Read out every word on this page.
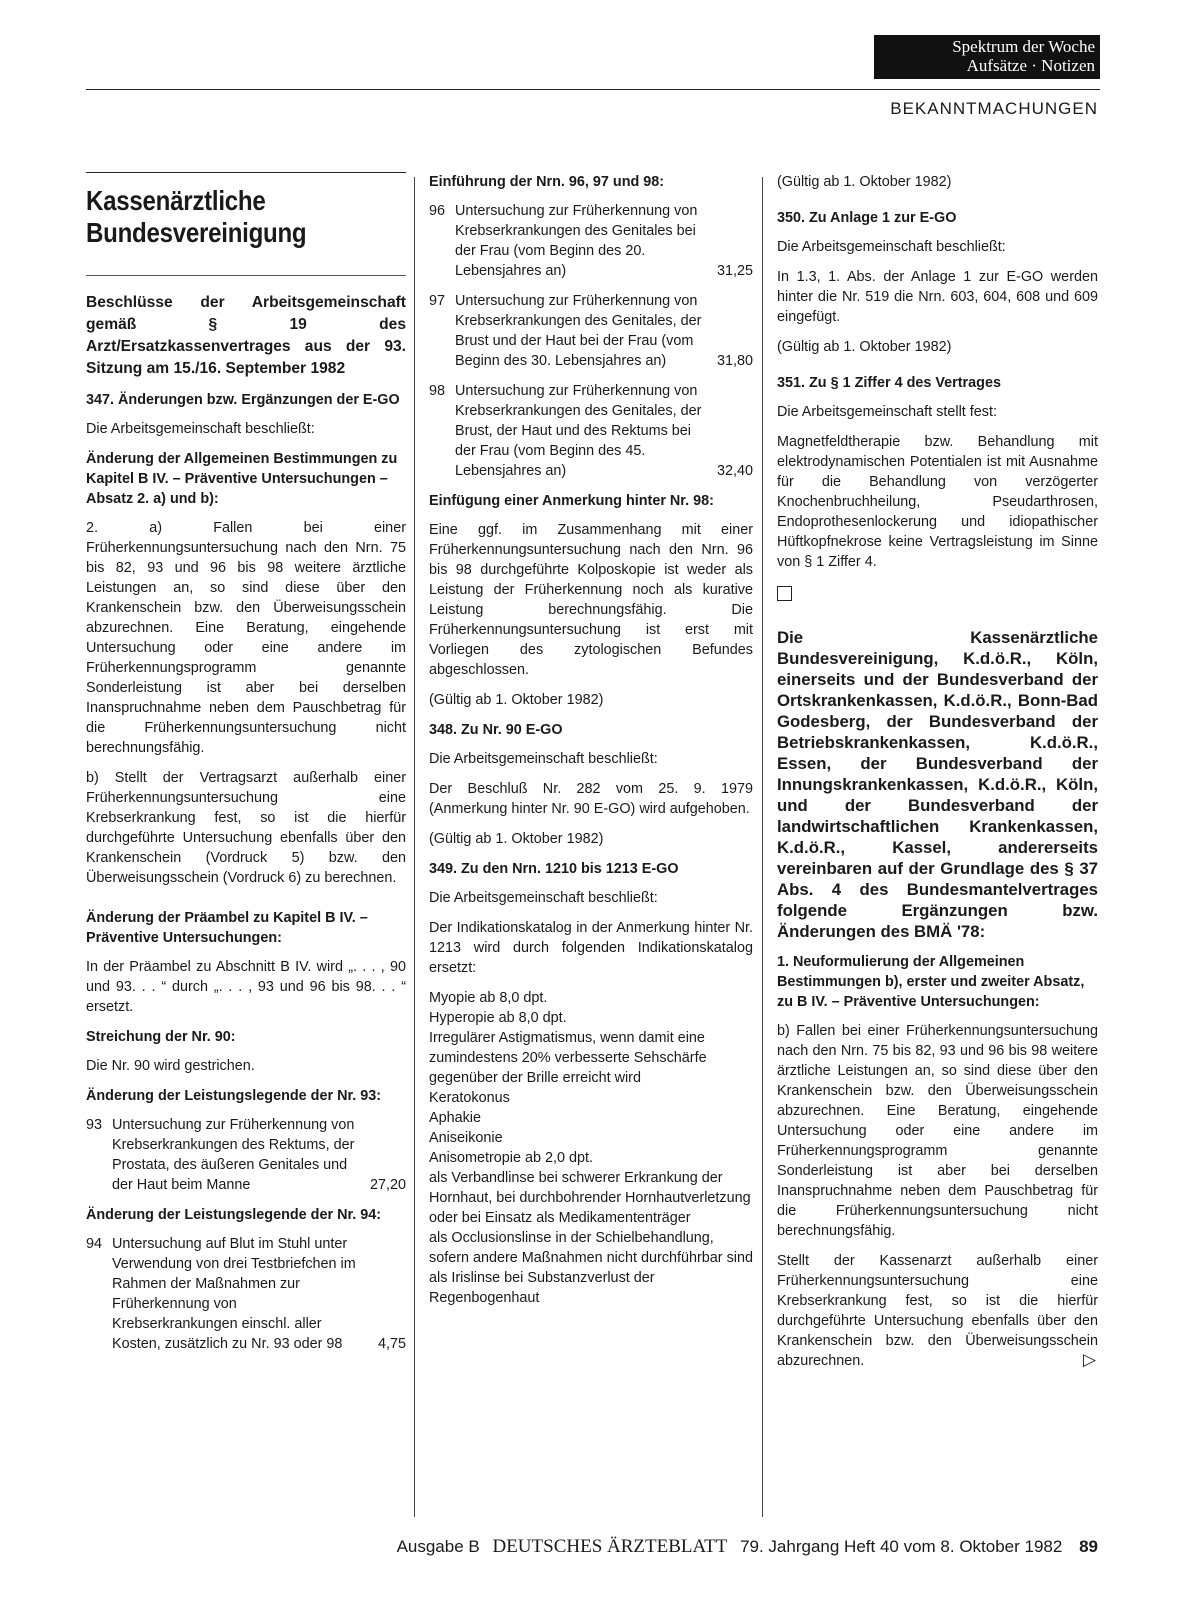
Spektrum der Woche
Aufsätze · Notizen
BEKANNTMACHUNGEN
Kassenärztliche Bundesvereinigung

Beschlüsse der Arbeitsgemeinschaft gemäß § 19 des Arzt/Ersatzkassenvertrages aus der 93. Sitzung am 15./16. September 1982

347. Änderungen bzw. Ergänzungen der E-GO

Die Arbeitsgemeinschaft beschließt:

Änderung der Allgemeinen Bestimmungen zu Kapitel B IV. – Präventive Untersuchungen – Absatz 2. a) und b):

2. a) Fallen bei einer Früherkennungsuntersuchung nach den Nrn. 75 bis 82, 93 und 96 bis 98 weitere ärztliche Leistungen an, so sind diese über den Krankenschein bzw. den Überweisungsschein abzurechnen. Eine Beratung, eingehende Untersuchung oder eine andere im Früherkennungsprogramm genannte Sonderleistung ist aber bei derselben Inanspruchnahme neben dem Pauschbetrag für die Früherkennungsuntersuchung nicht berechnungsfähig.

b) Stellt der Vertragsarzt außerhalb einer Früherkennungsuntersuchung eine Krebserkrankung fest, so ist die hierfür durchgeführte Untersuchung ebenfalls über den Krankenschein (Vordruck 5) bzw. den Überweisungsschein (Vordruck 6) zu berechnen.

Änderung der Präambel zu Kapitel B IV. – Präventive Untersuchungen:

In der Präambel zu Abschnitt B IV. wird „. . . , 90 und 93. . . “ durch „. . . , 93 und 96 bis 98. . . “ ersetzt.

Streichung der Nr. 90:

Die Nr. 90 wird gestrichen.

Änderung der Leistungslegende der Nr. 93:

93 Untersuchung zur Früherkennung von Krebserkrankungen des Rektums, der Prostata, des äußeren Genitales und der Haut beim Manne	27,20

Änderung der Leistungslegende der Nr. 94:

94 Untersuchung auf Blut im Stuhl unter Verwendung von drei Testbriefchen im Rahmen der Maßnahmen zur Früherkennung von Krebserkrankungen einschl. aller Kosten, zusätzlich zu Nr. 93 oder 98	4,75

Einführung der Nrn. 96, 97 und 98:

96 Untersuchung zur Früherkennung von Krebserkrankungen des Genitales bei der Frau (vom Beginn des 20. Lebensjahres an)	31,25
97 Untersuchung zur Früherkennung von Krebserkrankungen des Genitales, der Brust und der Haut bei der Frau (vom Beginn des 30. Lebensjahres an)	31,80
98 Untersuchung zur Früherkennung von Krebserkrankungen des Genitales, der Brust, der Haut und des Rektums bei der Frau (vom Beginn des 45. Lebensjahres an)	32,40

Einfügung einer Anmerkung hinter Nr. 98:

Eine ggf. im Zusammenhang mit einer Früherkennungsuntersuchung nach den Nrn. 96 bis 98 durchgeführte Kolposkopie ist weder als Leistung der Früherkennung noch als kurative Leistung berechnungsfähig. Die Früherkennungsuntersuchung ist erst mit Vorliegen des zytologischen Befundes abgeschlossen.

(Gültig ab 1. Oktober 1982)

348. Zu Nr. 90 E-GO

Die Arbeitsgemeinschaft beschließt:

Der Beschluß Nr. 282 vom 25. 9. 1979 (Anmerkung hinter Nr. 90 E-GO) wird aufgehoben.

(Gültig ab 1. Oktober 1982)

349. Zu den Nrn. 1210 bis 1213 E-GO

Die Arbeitsgemeinschaft beschließt:

Der Indikationskatalog in der Anmerkung hinter Nr. 1213 wird durch folgenden Indikationskatalog ersetzt:

Myopie ab 8,0 dpt.
Hyperopie ab 8,0 dpt.
Irregulärer Astigmatismus, wenn damit eine zumindestens 20% verbesserte Sehschärfe gegenüber der Brille erreicht wird
Keratokonus
Aphakie
Aniseikonie
Anisometropie ab 2,0 dpt.
als Verbandlinse bei schwerer Erkrankung der Hornhaut, bei durchbohrender Hornhautverletzung oder bei Einsatz als Medikamententräger
als Occlusionslinse in der Schielbehandlung, sofern andere Maßnahmen nicht durchführbar sind
als Irislinse bei Substanzverlust der Regenbogenhaut

(Gültig ab 1. Oktober 1982)

350. Zu Anlage 1 zur E-GO

Die Arbeitsgemeinschaft beschließt:

In 1.3, 1. Abs. der Anlage 1 zur E-GO werden hinter die Nr. 519 die Nrn. 603, 604, 608 und 609 eingefügt.

(Gültig ab 1. Oktober 1982)

351. Zu § 1 Ziffer 4 des Vertrages

Die Arbeitsgemeinschaft stellt fest:

Magnetfeldtherapie bzw. Behandlung mit elektrodynamischen Potentialen ist mit Ausnahme für die Behandlung von verzögerter Knochenbruchheilung, Pseudarthrosen, Endoprothesenlockerung und idiopathischer Hüftkopfnekrose keine Vertragsleistung im Sinne von § 1 Ziffer 4.

Die Kassenärztliche Bundesvereinigung, K.d.ö.R., Köln, einerseits und der Bundesverband der Ortskrankenkassen, K.d.ö.R., Bonn-Bad Godesberg, der Bundesverband der Betriebskrankenkassen, K.d.ö.R., Essen, der Bundesverband der Innungskrankenkassen, K.d.ö.R., Köln, und der Bundesverband der landwirtschaftlichen Krankenkassen, K.d.ö.R., Kassel, andererseits vereinbaren auf der Grundlage des § 37 Abs. 4 des Bundesmantelvertrages folgende Ergänzungen bzw. Änderungen des BMÄ '78:

1. Neuformulierung der Allgemeinen Bestimmungen b), erster und zweiter Absatz, zu B IV. – Präventive Untersuchungen:

b) Fallen bei einer Früherkennungsuntersuchung nach den Nrn. 75 bis 82, 93 und 96 bis 98 weitere ärztliche Leistungen an, so sind diese über den Krankenschein bzw. den Überweisungsschein abzurechnen. Eine Beratung, eingehende Untersuchung oder eine andere im Früherkennungsprogramm genannte Sonderleistung ist aber bei derselben Inanspruchnahme neben dem Pauschbetrag für die Früherkennungsuntersuchung nicht berechnungsfähig.

Stellt der Kassenarzt außerhalb einer Früherkennungsuntersuchung eine Krebserkrankung fest, so ist die hierfür durchgeführte Untersuchung ebenfalls über den Krankenschein bzw. den Überweisungsschein abzurechnen.	▷

Ausgabe B DEUTSCHES ÄRZTEBLATT 79. Jahrgang Heft 40 vom 8. Oktober 1982 89
